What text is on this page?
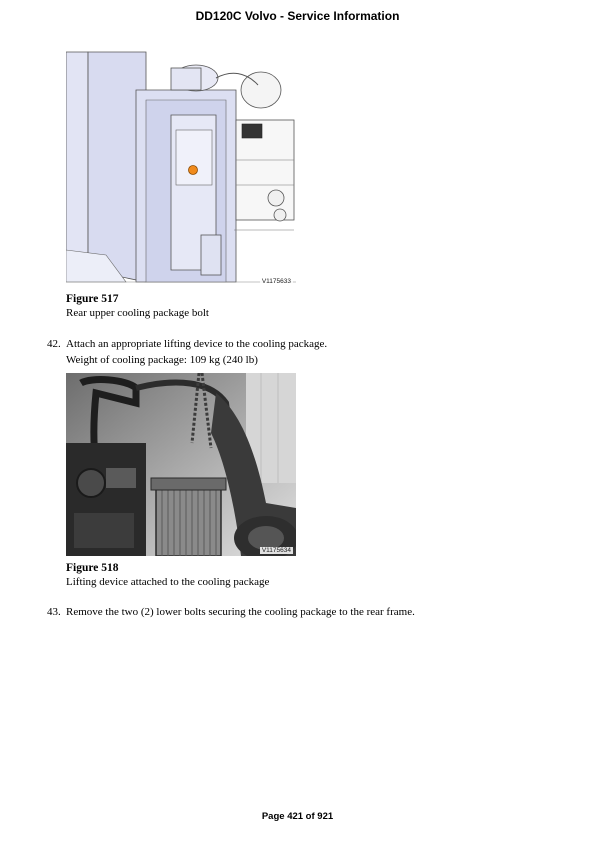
DD120C Volvo - Service Information
V1175633
Figure 517
Rear upper cooling package bolt
42. Attach an appropriate lifting device to the cooling package.
Weight of cooling package: 109 kg (240 lb)
V1175634
Figure 518
Lifting device attached to the cooling package
43. Remove the two (2) lower bolts securing the cooling package to the rear frame.
Page 421 of 921
